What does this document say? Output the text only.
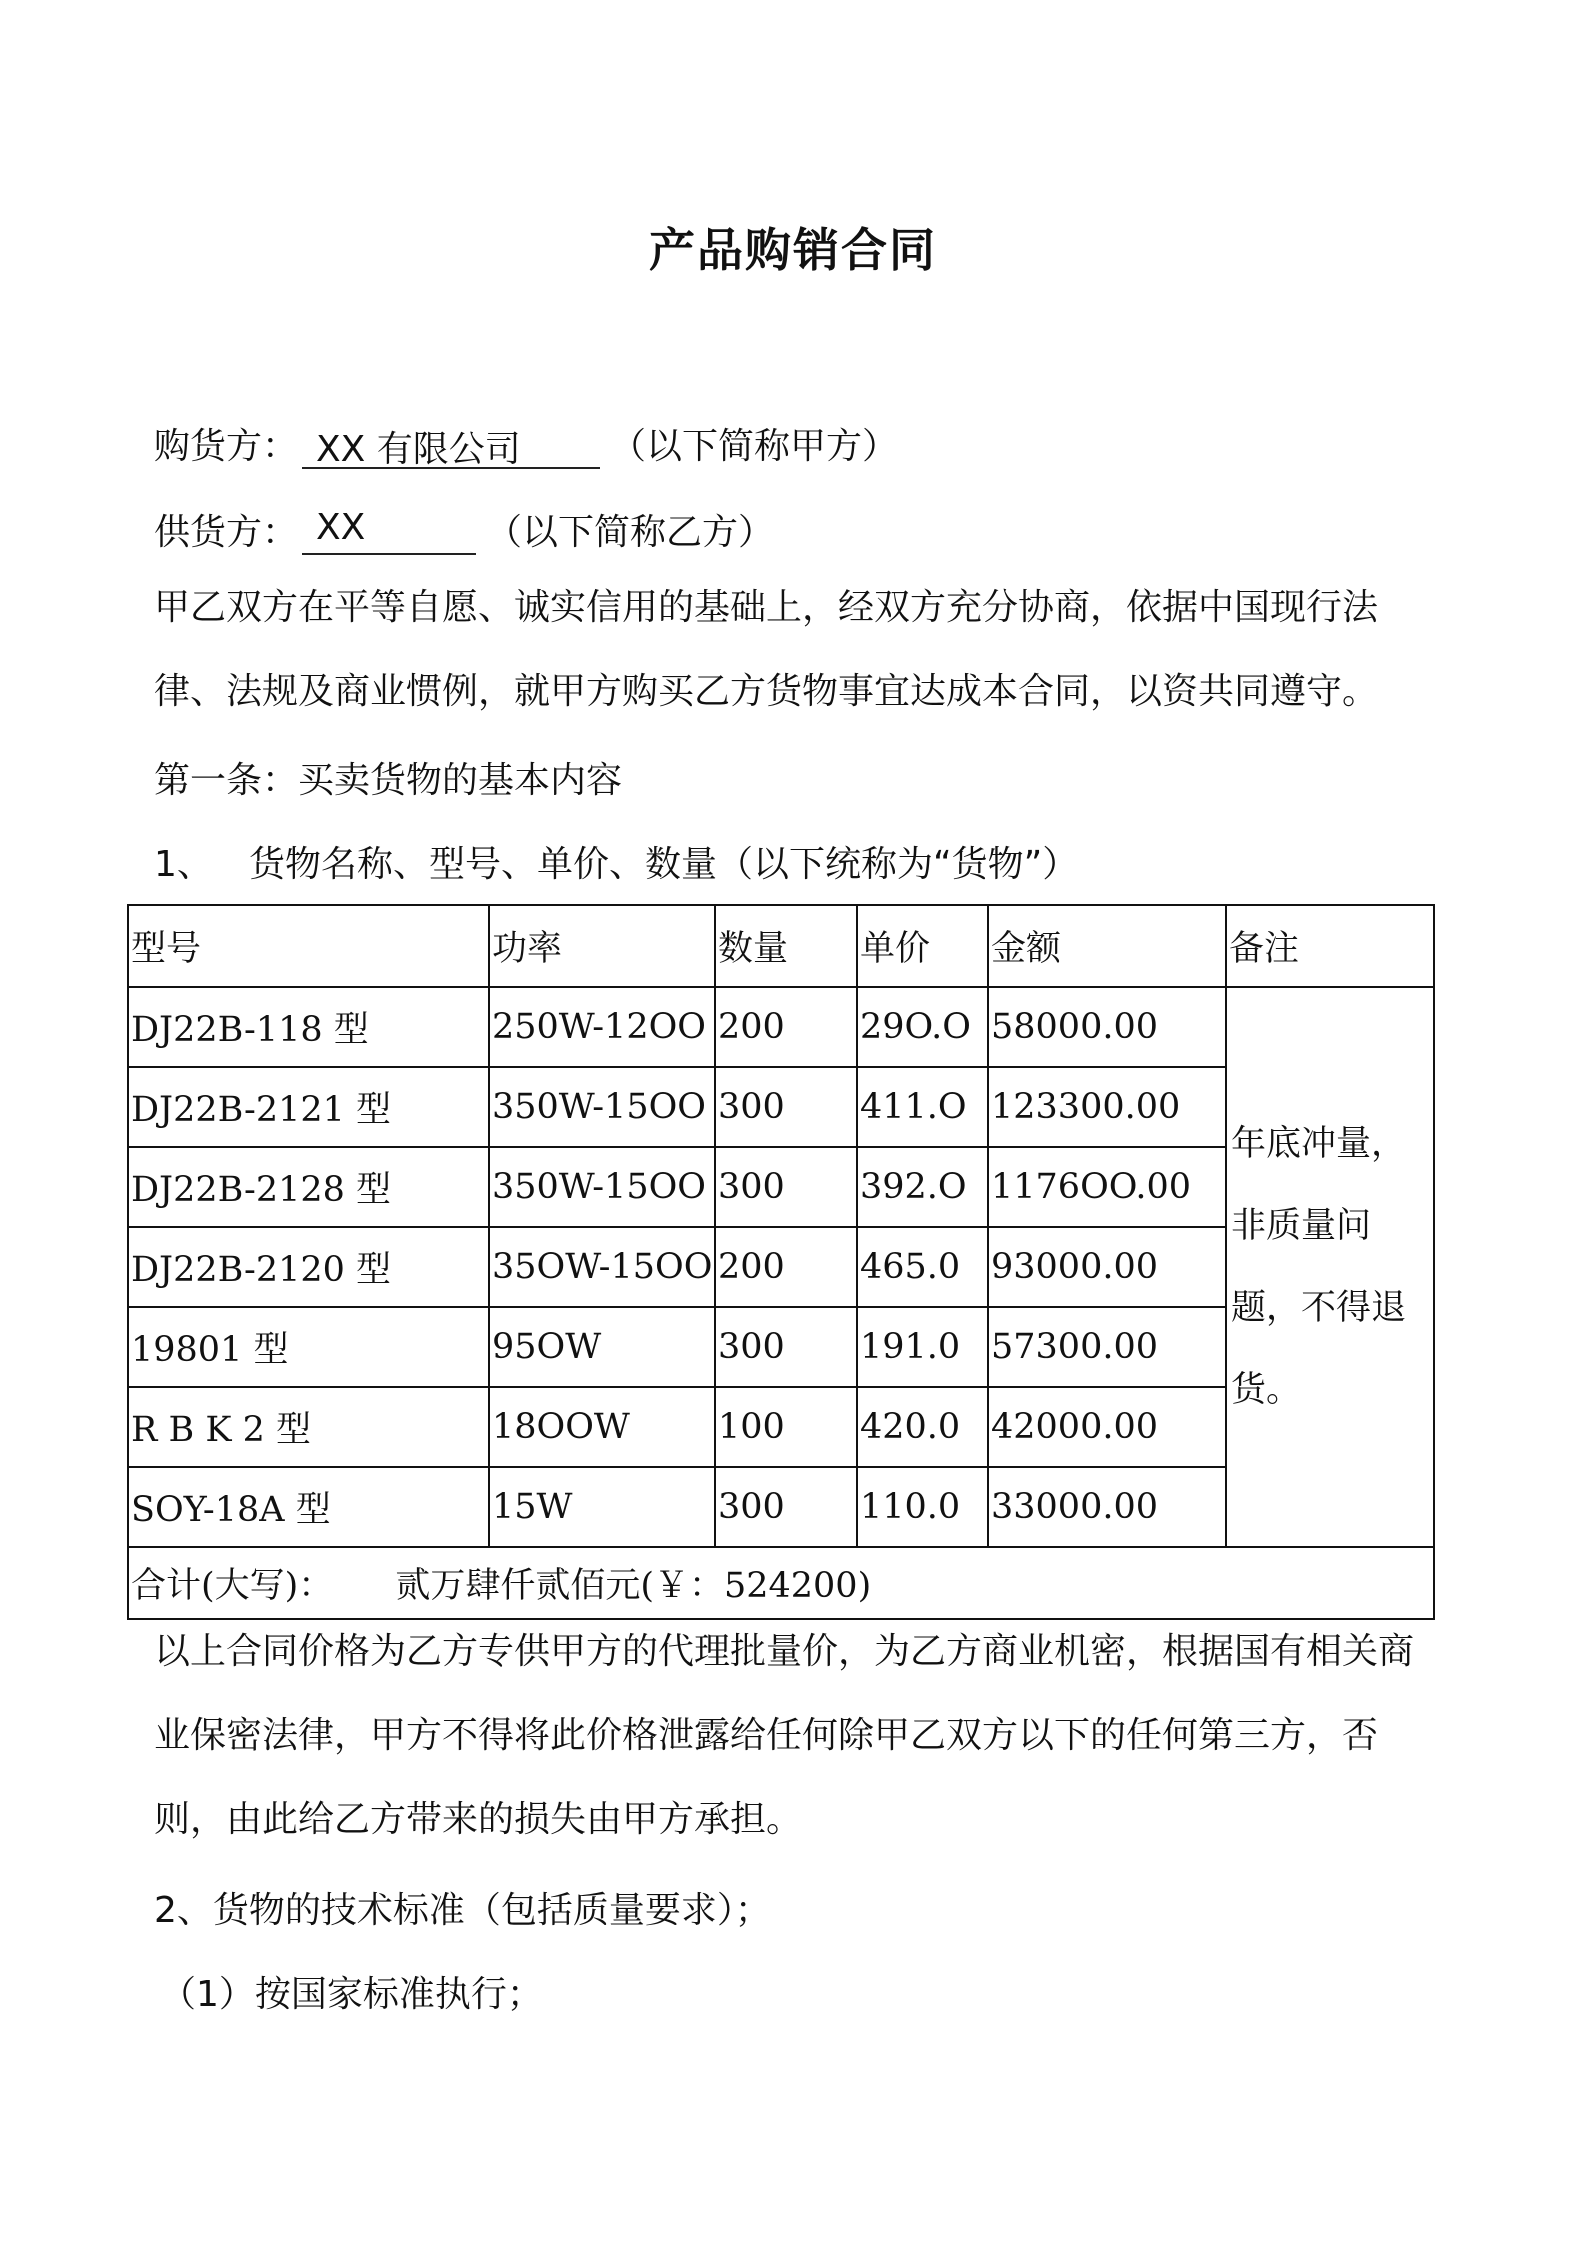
产品购销合同
购货方： XX 有限公司 （以下简称甲方）
供货方： XX	（以下简称乙方）
甲乙双方在平等自愿、诚实信用的基础上，经双方充分协商，依据中国现行法律、法规及商业惯例，就甲方购买乙方货物事宜达成本合同，以资共同遵守。
第一条：买卖货物的基本内容
1、 货物名称、型号、单价、数量（以下统称为“货物”）
型号	功率	数量	单价	金额	备注
DJ22B-118 型	250W-12OO	200	29O.O	58000.00	年底冲量，非质量问题，不得退货。
DJ22B-2121 型	350W-15OO	300	411.O	123300.00	
DJ22B-2128 型	350W-15OO	300	392.O	1176OO.00	
DJ22B-2120 型	35OW-15OO	200	465.0	93000.00	
19801 型	95OW	300	191.0	57300.00	
R B K 2 型	18OOW	100	420.0	42000.00	
SOY-18A 型	15W	300	110.0	33000.00	
合计(大写)： 贰万肆仟贰佰元(￥：524200)					
以上合同价格为乙方专供甲方的代理批量价，为乙方商业机密，根据国有相关商业保密法律，甲方不得将此价格泄露给任何除甲乙双方以下的任何第三方，否则，由此给乙方带来的损失由甲方承担。
2、货物的技术标准（包括质量要求）；
（1）按国家标准执行；
